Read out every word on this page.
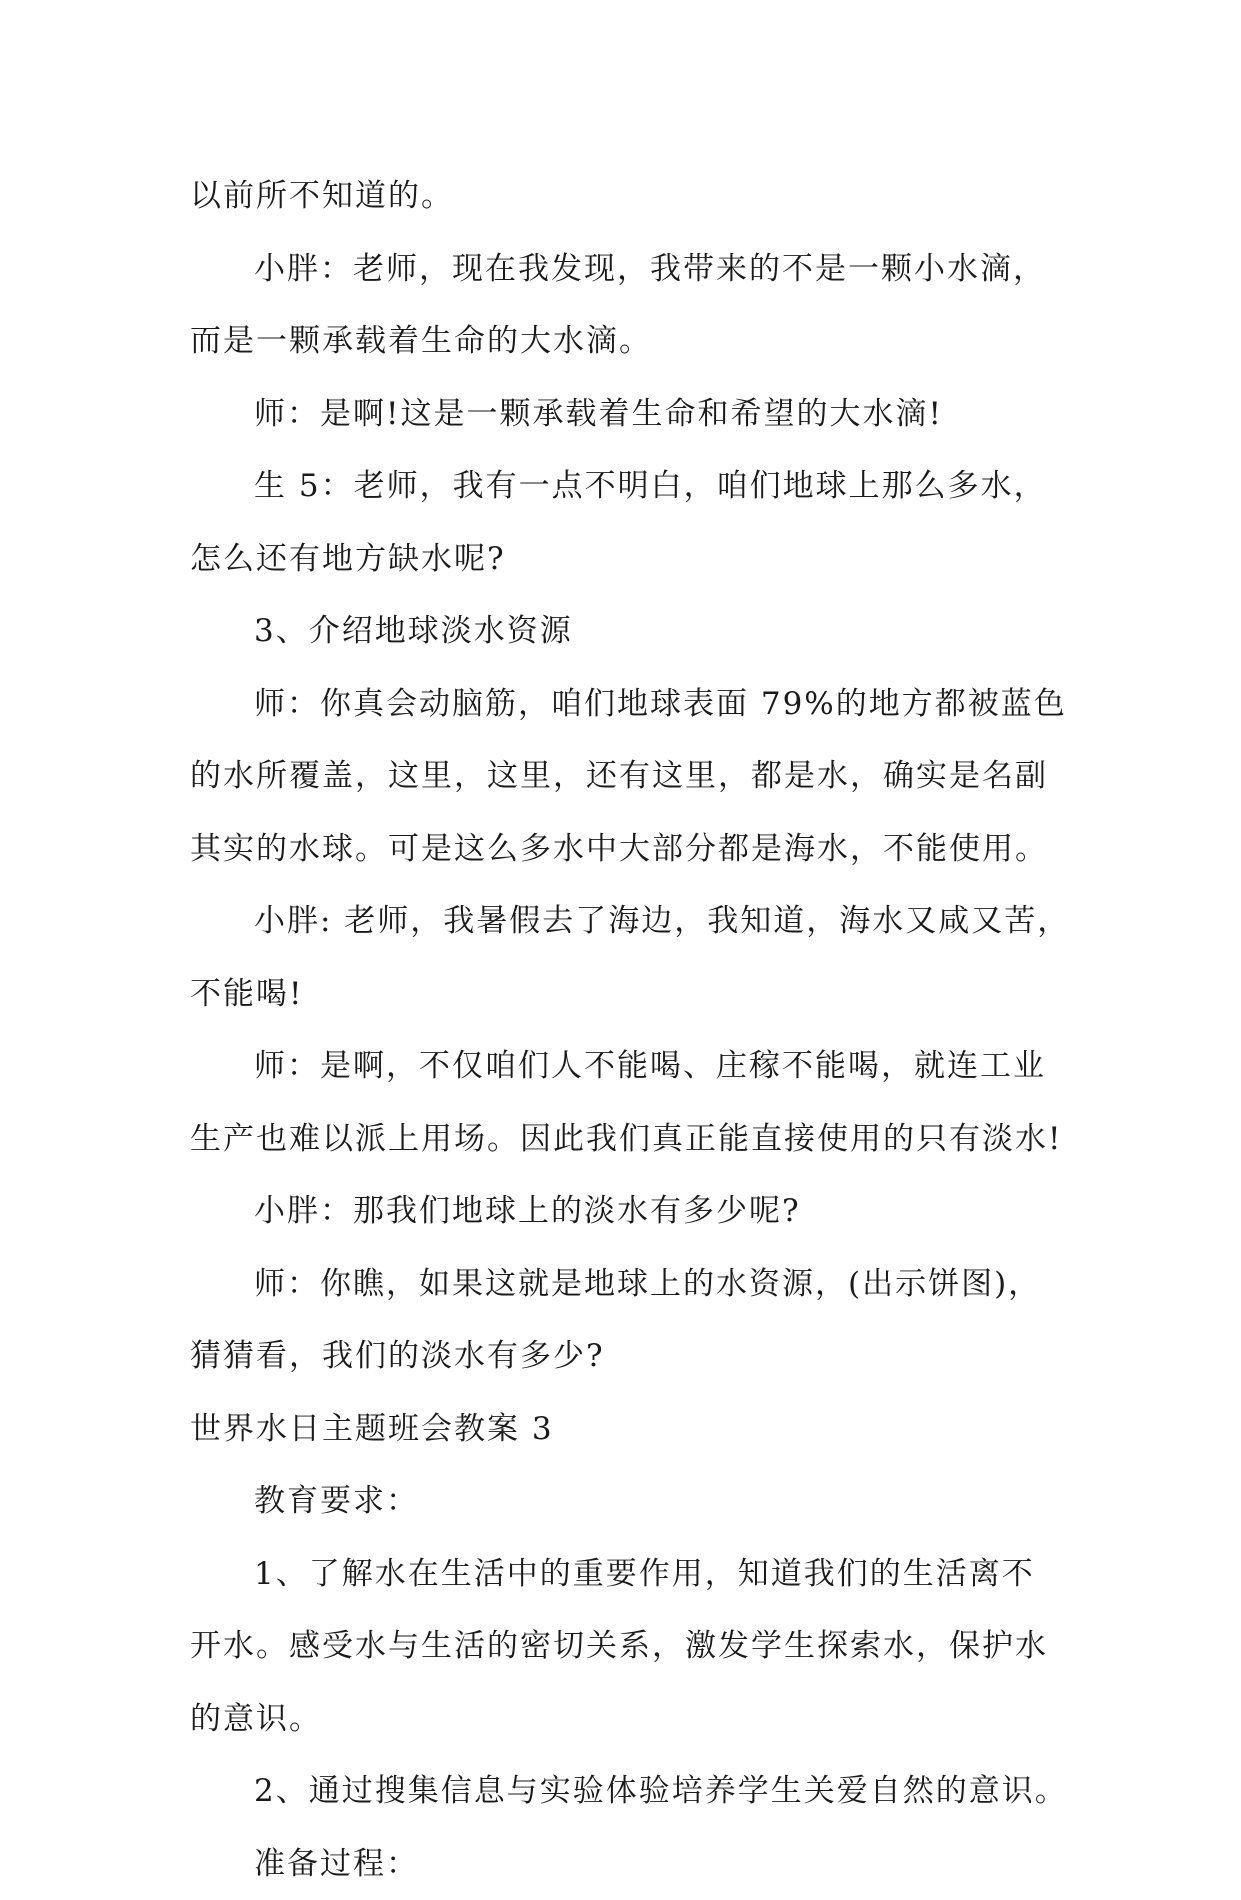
以前所不知道的。

小胖：老师，现在我发现，我带来的不是一颗小水滴，

而是一颗承载着生命的大水滴。

师：是啊!这是一颗承载着生命和希望的大水滴!

生 5：老师，我有一点不明白，咱们地球上那么多水，

怎么还有地方缺水呢?

3、介绍地球淡水资源

师：你真会动脑筋，咱们地球表面 79%的地方都被蓝色

的水所覆盖，这里，这里，还有这里，都是水，确实是名副

其实的水球。可是这么多水中大部分都是海水，不能使用。

小胖: 老师，我暑假去了海边，我知道，海水又咸又苦，

不能喝!

师：是啊，不仅咱们人不能喝、庄稼不能喝，就连工业

生产也难以派上用场。因此我们真正能直接使用的只有淡水!

小胖：那我们地球上的淡水有多少呢?

师：你瞧，如果这就是地球上的水资源，(出示饼图)，

猜猜看，我们的淡水有多少?

世界水日主题班会教案 3

教育要求：

1、了解水在生活中的重要作用，知道我们的生活离不

开水。感受水与生活的密切关系，激发学生探索水，保护水

的意识。

2、通过搜集信息与实验体验培养学生关爱自然的意识。

准备过程：
